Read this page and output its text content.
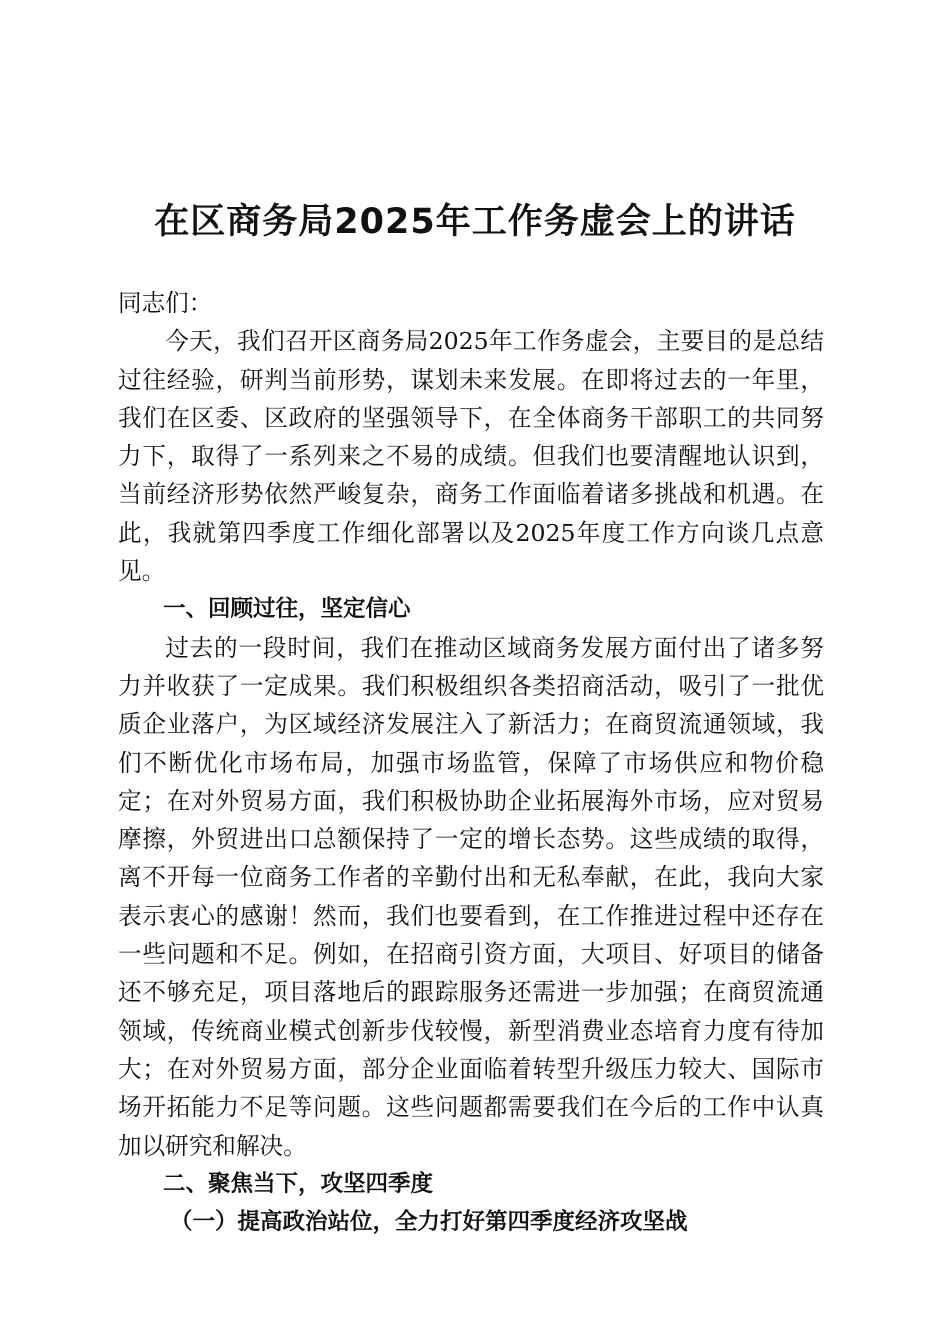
在区商务局2025年工作务虚会上的讲话

同志们：

今天，我们召开区商务局2025年工作务虚会，主要目的是总结过往经验，研判当前形势，谋划未来发展。在即将过去的一年里，我们在区委、区政府的坚强领导下，在全体商务干部职工的共同努力下，取得了一系列来之不易的成绩。但我们也要清醒地认识到，当前经济形势依然严峻复杂，商务工作面临着诸多挑战和机遇。在此，我就第四季度工作细化部署以及2025年度工作方向谈几点意见。

一、回顾过往，坚定信心

过去的一段时间，我们在推动区域商务发展方面付出了诸多努力并收获了一定成果。我们积极组织各类招商活动，吸引了一批优质企业落户，为区域经济发展注入了新活力；在商贸流通领域，我们不断优化市场布局，加强市场监管，保障了市场供应和物价稳定；在对外贸易方面，我们积极协助企业拓展海外市场，应对贸易摩擦，外贸进出口总额保持了一定的增长态势。这些成绩的取得，离不开每一位商务工作者的辛勤付出和无私奉献，在此，我向大家表示衷心的感谢！然而，我们也要看到，在工作推进过程中还存在一些问题和不足。例如，在招商引资方面，大项目、好项目的储备还不够充足，项目落地后的跟踪服务还需进一步加强；在商贸流通领域，传统商业模式创新步伐较慢，新型消费业态培育力度有待加大；在对外贸易方面，部分企业面临着转型升级压力较大、国际市场开拓能力不足等问题。这些问题都需要我们在今后的工作中认真加以研究和解决。

二、聚焦当下，攻坚四季度

（一）提高政治站位，全力打好第四季度经济攻坚战
